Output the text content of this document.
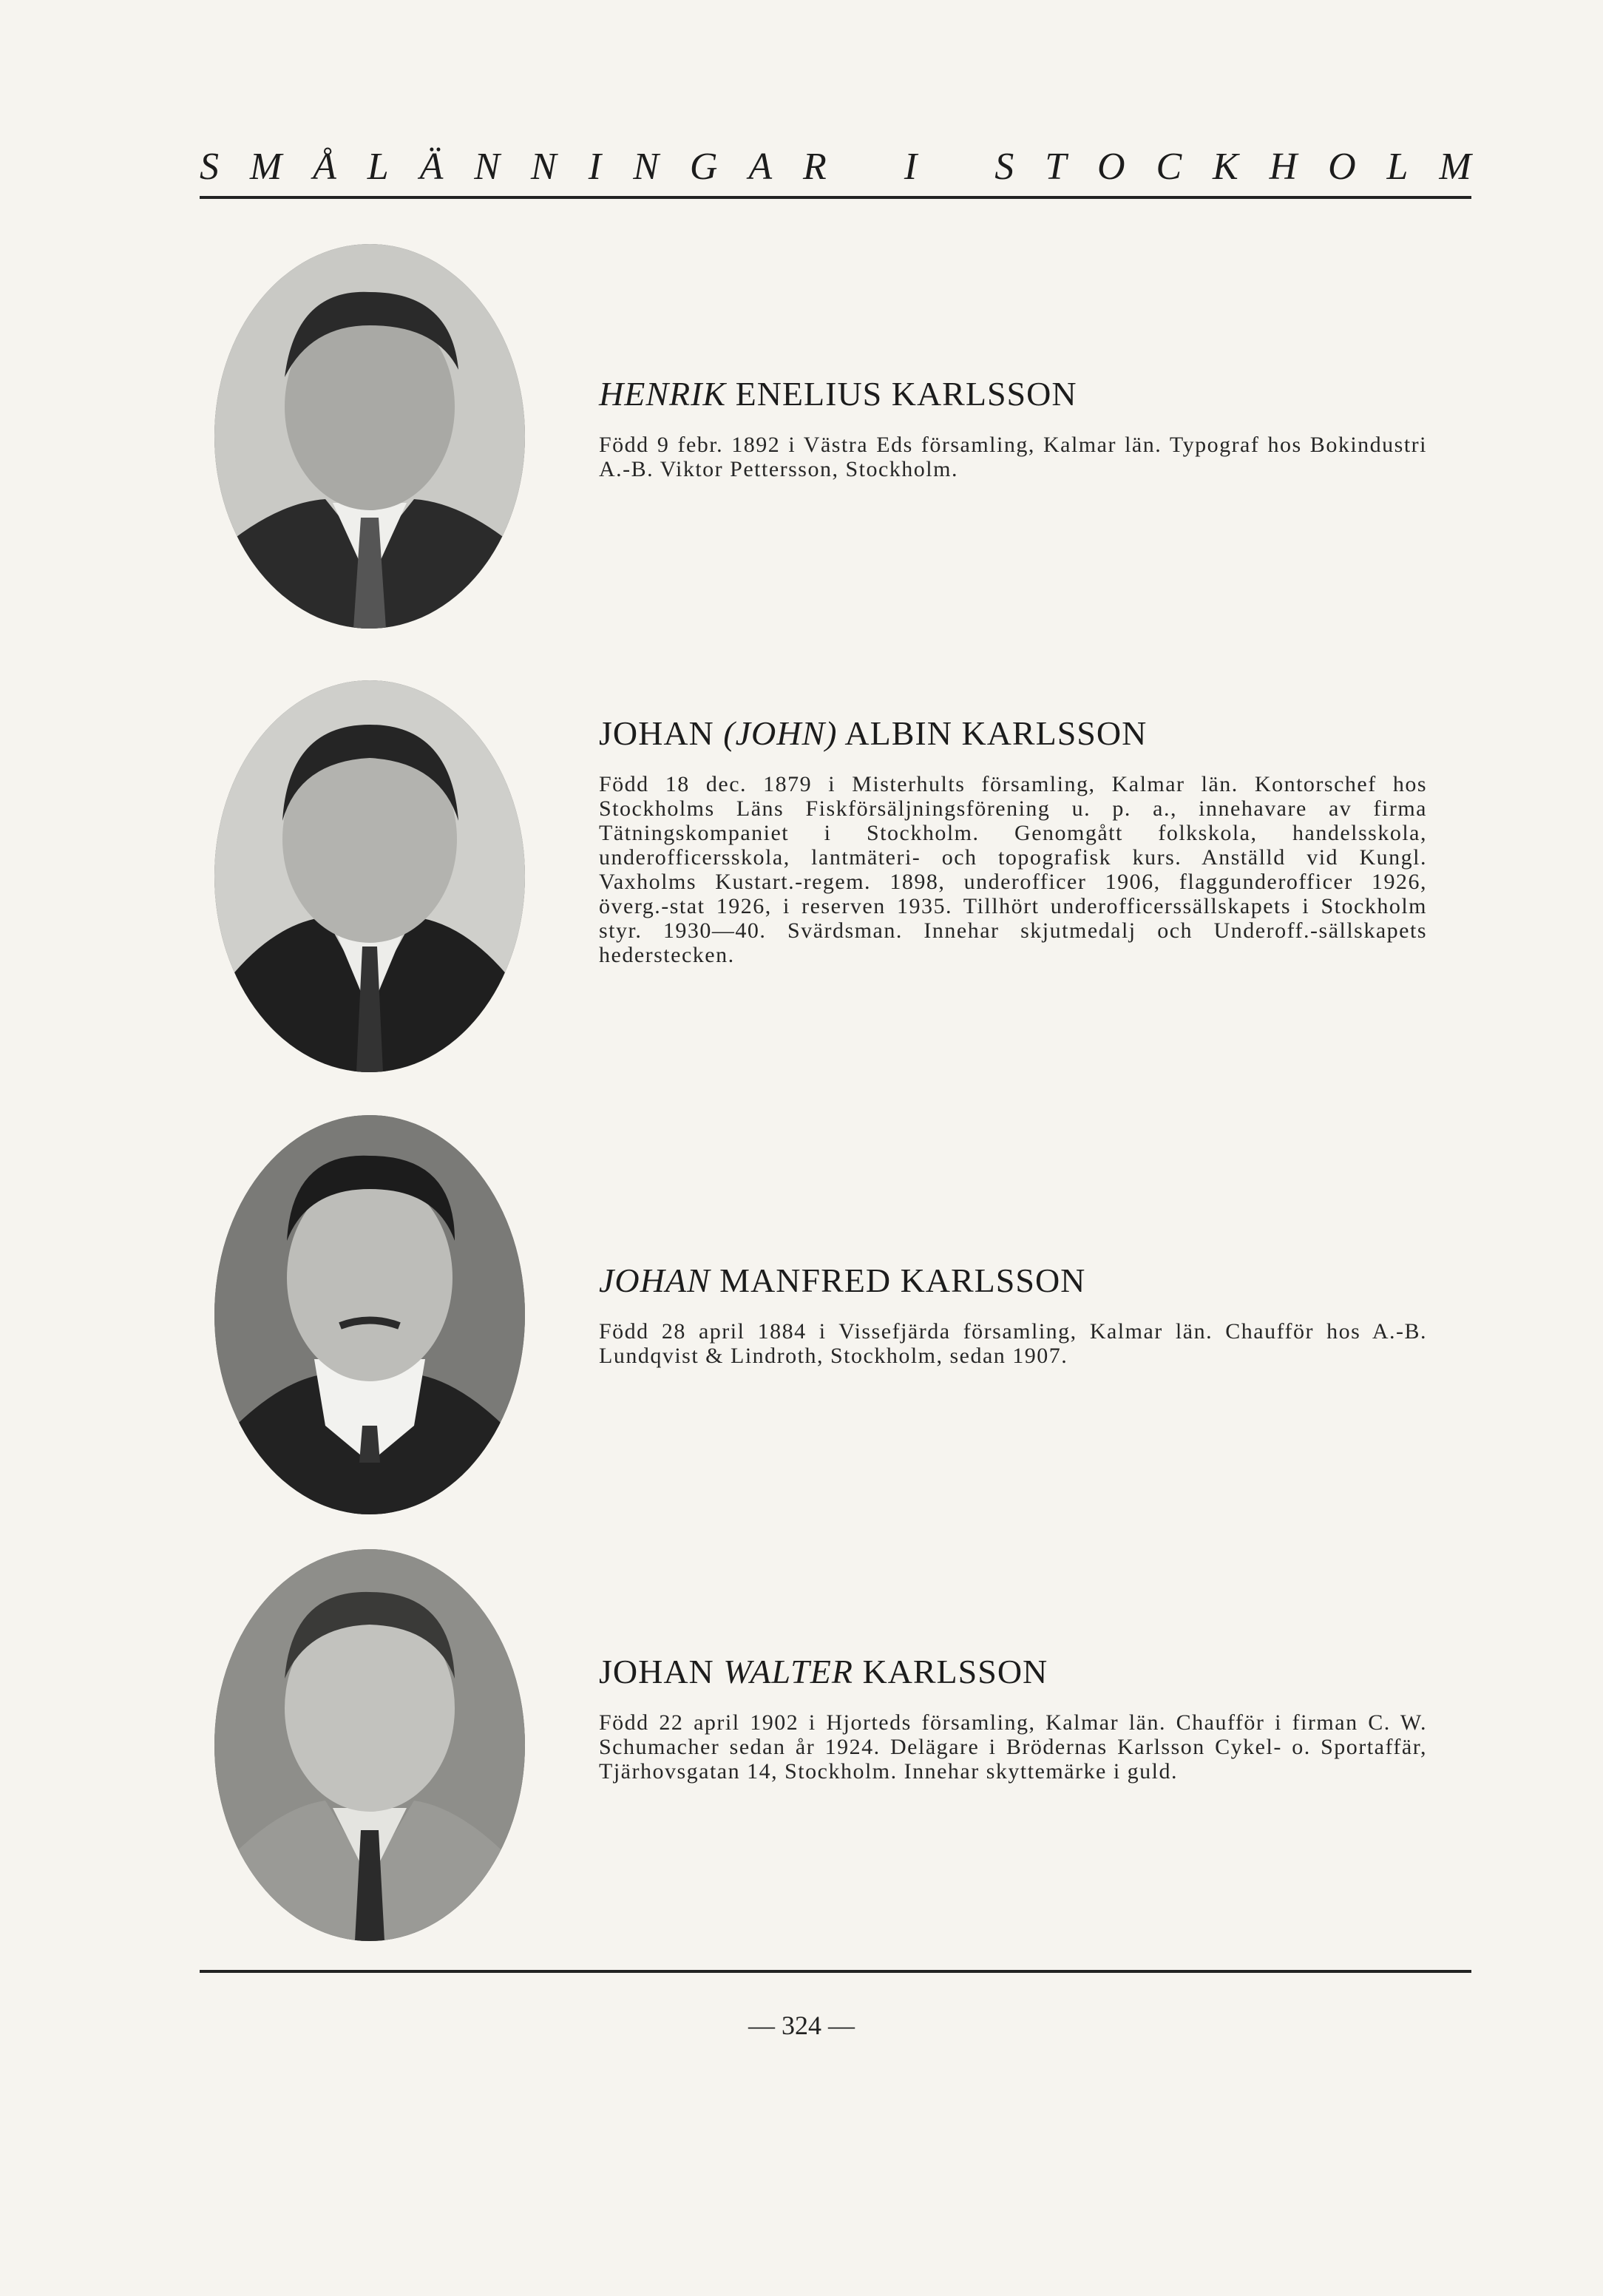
S M Å L Ä N N I N G A R I S T O C K H O L M

HENRIK ENELIUS KARLSSON

Född 9 febr. 1892 i Västra Eds församling, Kalmar län. Typograf hos Bokindustri A.-B. Viktor Pettersson, Stockholm.

JOHAN (JOHN) ALBIN KARLSSON

Född 18 dec. 1879 i Misterhults församling, Kalmar län. Kontorschef hos Stockholms Läns Fiskförsäljningsförening u. p. a., innehavare av firma Tätningskompaniet i Stockholm. Genomgått folkskola, handelsskola, underofficersskola, lantmäteri- och topografisk kurs. Anställd vid Kungl. Vaxholms Kustart.-regem. 1898, underofficer 1906, flaggunderofficer 1926, överg.-stat 1926, i reserven 1935. Tillhört underofficerssällskapets i Stockholm styr. 1930—40. Svärdsman. Innehar skjutmedalj och Underoff.-sällskapets hederstecken.

JOHAN MANFRED KARLSSON

Född 28 april 1884 i Vissefjärda församling, Kalmar län. Chaufför hos A.-B. Lundqvist & Lindroth, Stockholm, sedan 1907.

JOHAN WALTER KARLSSON

Född 22 april 1902 i Hjorteds församling, Kalmar län. Chaufför i firman C. W. Schumacher sedan år 1924. Delägare i Brödernas Karlsson Cykel- o. Sportaffär, Tjärhovsgatan 14, Stockholm. Innehar skyttemärke i guld.

— 324 —
